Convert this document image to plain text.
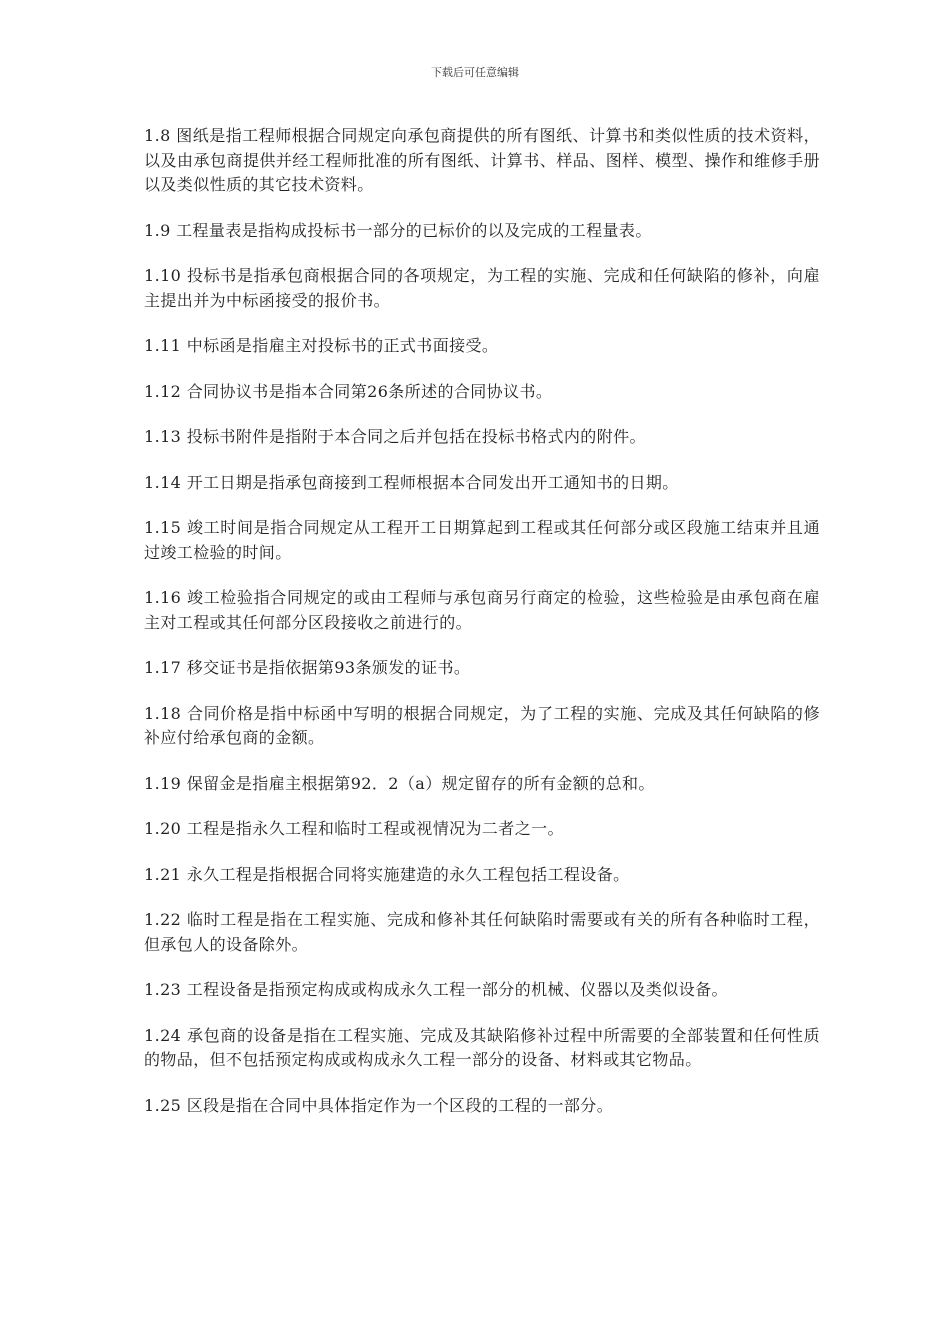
下载后可任意编辑

1.8 图纸是指工程师根据合同规定向承包商提供的所有图纸、计算书和类似性质的技术资料，以及由承包商提供并经工程师批准的所有图纸、计算书、样品、图样、模型、操作和维修手册以及类似性质的其它技术资料。

1.9 工程量表是指构成投标书一部分的已标价的以及完成的工程量表。

1.10 投标书是指承包商根据合同的各项规定，为工程的实施、完成和任何缺陷的修补，向雇主提出并为中标函接受的报价书。

1.11 中标函是指雇主对投标书的正式书面接受。

1.12 合同协议书是指本合同第26条所述的合同协议书。

1.13 投标书附件是指附于本合同之后并包括在投标书格式内的附件。

1.14 开工日期是指承包商接到工程师根据本合同发出开工通知书的日期。

1.15 竣工时间是指合同规定从工程开工日期算起到工程或其任何部分或区段施工结束并且通过竣工检验的时间。

1.16 竣工检验指合同规定的或由工程师与承包商另行商定的检验，这些检验是由承包商在雇主对工程或其任何部分区段接收之前进行的。

1.17 移交证书是指依据第93条颁发的证书。

1.18 合同价格是指中标函中写明的根据合同规定，为了工程的实施、完成及其任何缺陷的修补应付给承包商的金额。

1.19 保留金是指雇主根据第92．2（a）规定留存的所有金额的总和。

1.20 工程是指永久工程和临时工程或视情况为二者之一。

1.21 永久工程是指根据合同将实施建造的永久工程包括工程设备。

1.22 临时工程是指在工程实施、完成和修补其任何缺陷时需要或有关的所有各种临时工程，但承包人的设备除外。

1.23 工程设备是指预定构成或构成永久工程一部分的机械、仪器以及类似设备。

1.24 承包商的设备是指在工程实施、完成及其缺陷修补过程中所需要的全部装置和任何性质的物品，但不包括预定构成或构成永久工程一部分的设备、材料或其它物品。

1.25 区段是指在合同中具体指定作为一个区段的工程的一部分。
